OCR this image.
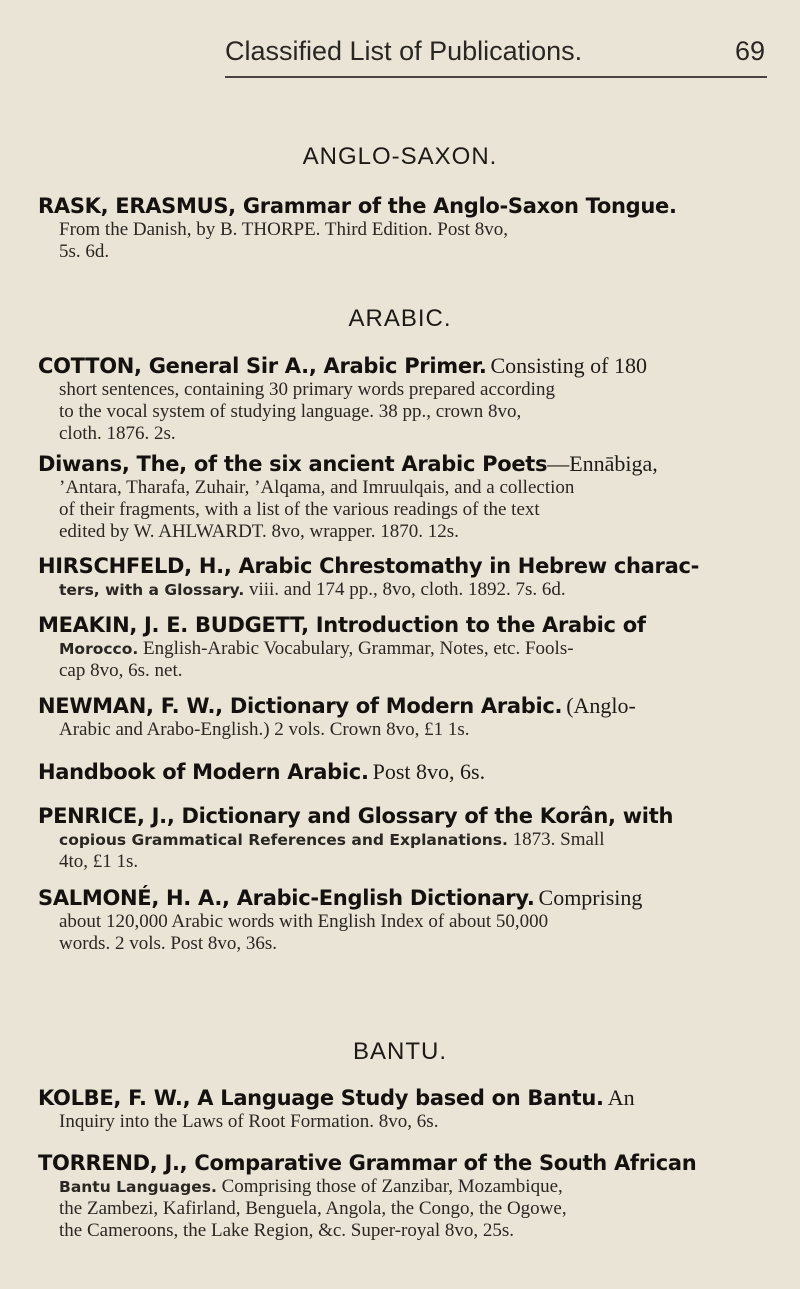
Classified List of Publications.	69
ANGLO-SAXON.
RASK, ERASMUS, Grammar of the Anglo-Saxon Tongue.
From the Danish, by B. THORPE. Third Edition. Post 8vo,
5s. 6d.
ARABIC.
COTTON, General Sir A., Arabic Primer. Consisting of 180
short sentences, containing 30 primary words prepared according
to the vocal system of studying language. 38 pp., crown 8vo,
cloth. 1876. 2s.
Diwans, The, of the six ancient Arabic Poets—Ennābiga,
’Antara, Tharafa, Zuhair, ’Alqama, and Imruulqais, and a collection
of their fragments, with a list of the various readings of the text
edited by W. AHLWARDT. 8vo, wrapper. 1870. 12s.
HIRSCHFELD, H., Arabic Chrestomathy in Hebrew charac-
ters, with a Glossary. viii. and 174 pp., 8vo, cloth. 1892. 7s. 6d.
MEAKIN, J. E. BUDGETT, Introduction to the Arabic of
Morocco. English-Arabic Vocabulary, Grammar, Notes, etc. Fools-
cap 8vo, 6s. net.
NEWMAN, F. W., Dictionary of Modern Arabic. (Anglo-
Arabic and Arabo-English.) 2 vols. Crown 8vo, £1 1s.
Handbook of Modern Arabic. Post 8vo, 6s.
PENRICE, J., Dictionary and Glossary of the Korân, with
copious Grammatical References and Explanations. 1873. Small
4to, £1 1s.
SALMONÉ, H. A., Arabic-English Dictionary. Comprising
about 120,000 Arabic words with English Index of about 50,000
words. 2 vols. Post 8vo, 36s.
BANTU.
KOLBE, F. W., A Language Study based on Bantu. An
Inquiry into the Laws of Root Formation. 8vo, 6s.
TORREND, J., Comparative Grammar of the South African
Bantu Languages. Comprising those of Zanzibar, Mozambique,
the Zambezi, Kafirland, Benguela, Angola, the Congo, the Ogowe,
the Cameroons, the Lake Region, &c. Super-royal 8vo, 25s.
